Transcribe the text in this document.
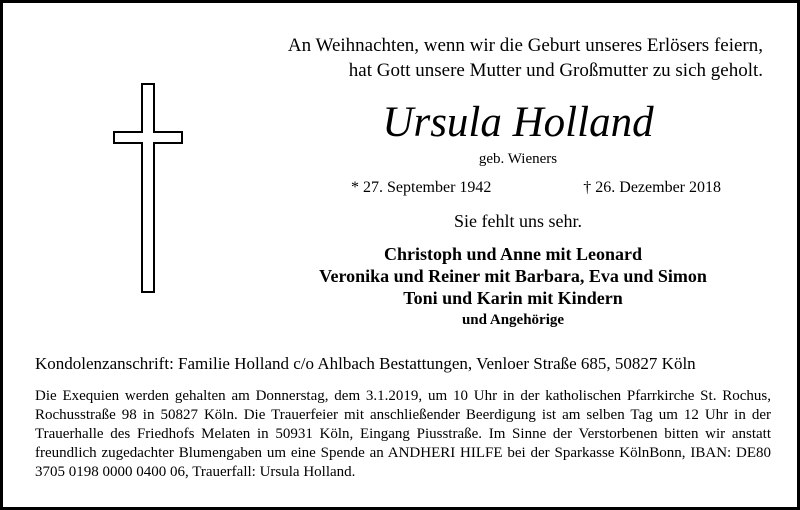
An Weihnachten, wenn wir die Geburt unseres Erlösers feiern,
hat Gott unsere Mutter und Großmutter zu sich geholt.
Ursula Holland
geb. Wieners
* 27. September 1942	† 26. Dezember 2018
Sie fehlt uns sehr.
Christoph und Anne mit Leonard
Veronika und Reiner mit Barbara, Eva und Simon
Toni und Karin mit Kindern
und Angehörige
Kondolenzanschrift: Familie Holland c/o Ahlbach Bestattungen, Venloer Straße 685, 50827 Köln
Die Exequien werden gehalten am Donnerstag, dem 3.1.2019, um 10 Uhr in der katholischen Pfarrkirche St. Rochus, Rochusstraße 98 in 50827 Köln. Die Trauerfeier mit anschließender Beerdigung ist am selben Tag um 12 Uhr in der Trauerhalle des Friedhofs Melaten in 50931 Köln, Eingang Piusstraße. Im Sinne der Verstorbenen bitten wir anstatt freundlich zugedachter Blumengaben um eine Spende an ANDHERI HILFE bei der Sparkasse KölnBonn, IBAN: DE80 3705 0198 0000 0400 06, Trauerfall: Ursula Holland.
